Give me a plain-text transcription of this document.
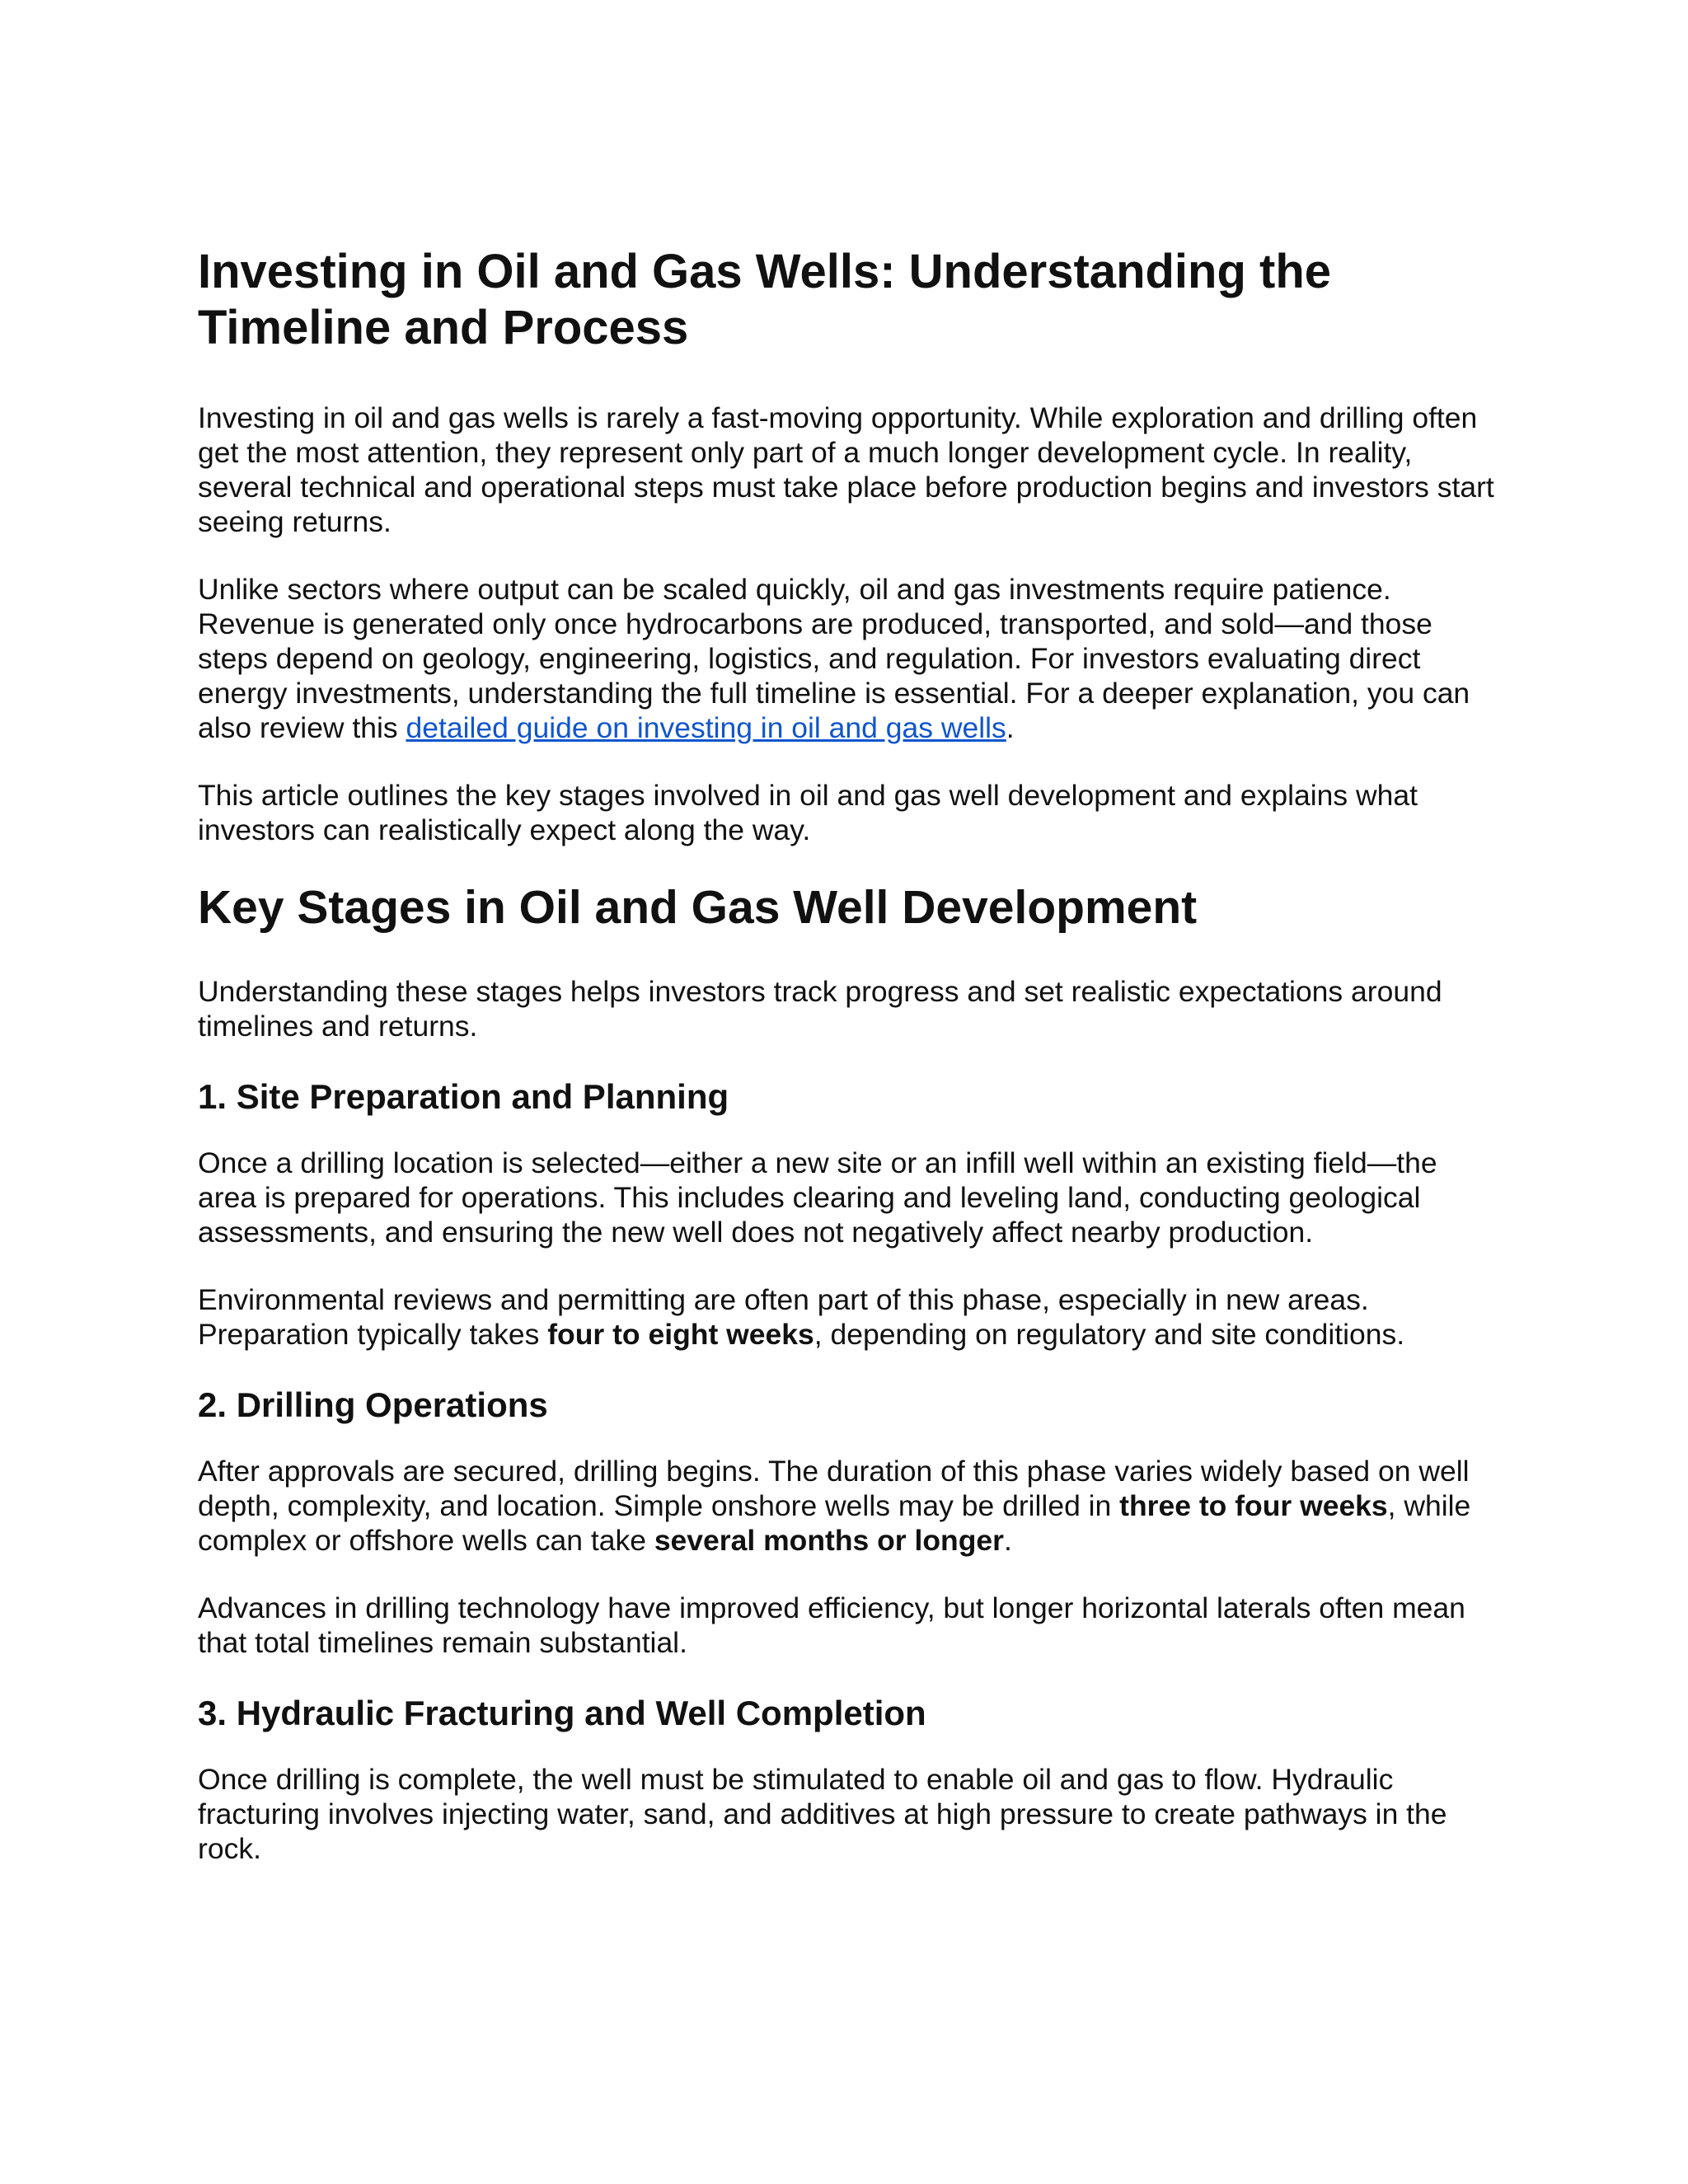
Investing in Oil and Gas Wells: Understanding the Timeline and Process

Investing in oil and gas wells is rarely a fast-moving opportunity. While exploration and drilling often get the most attention, they represent only part of a much longer development cycle. In reality, several technical and operational steps must take place before production begins and investors start seeing returns.

Unlike sectors where output can be scaled quickly, oil and gas investments require patience. Revenue is generated only once hydrocarbons are produced, transported, and sold—and those steps depend on geology, engineering, logistics, and regulation. For investors evaluating direct energy investments, understanding the full timeline is essential. For a deeper explanation, you can also review this detailed guide on investing in oil and gas wells.

This article outlines the key stages involved in oil and gas well development and explains what investors can realistically expect along the way.

Key Stages in Oil and Gas Well Development

Understanding these stages helps investors track progress and set realistic expectations around timelines and returns.

1. Site Preparation and Planning

Once a drilling location is selected—either a new site or an infill well within an existing field—the area is prepared for operations. This includes clearing and leveling land, conducting geological assessments, and ensuring the new well does not negatively affect nearby production.

Environmental reviews and permitting are often part of this phase, especially in new areas. Preparation typically takes four to eight weeks, depending on regulatory and site conditions.

2. Drilling Operations

After approvals are secured, drilling begins. The duration of this phase varies widely based on well depth, complexity, and location. Simple onshore wells may be drilled in three to four weeks, while complex or offshore wells can take several months or longer.

Advances in drilling technology have improved efficiency, but longer horizontal laterals often mean that total timelines remain substantial.

3. Hydraulic Fracturing and Well Completion

Once drilling is complete, the well must be stimulated to enable oil and gas to flow. Hydraulic fracturing involves injecting water, sand, and additives at high pressure to create pathways in the rock.
